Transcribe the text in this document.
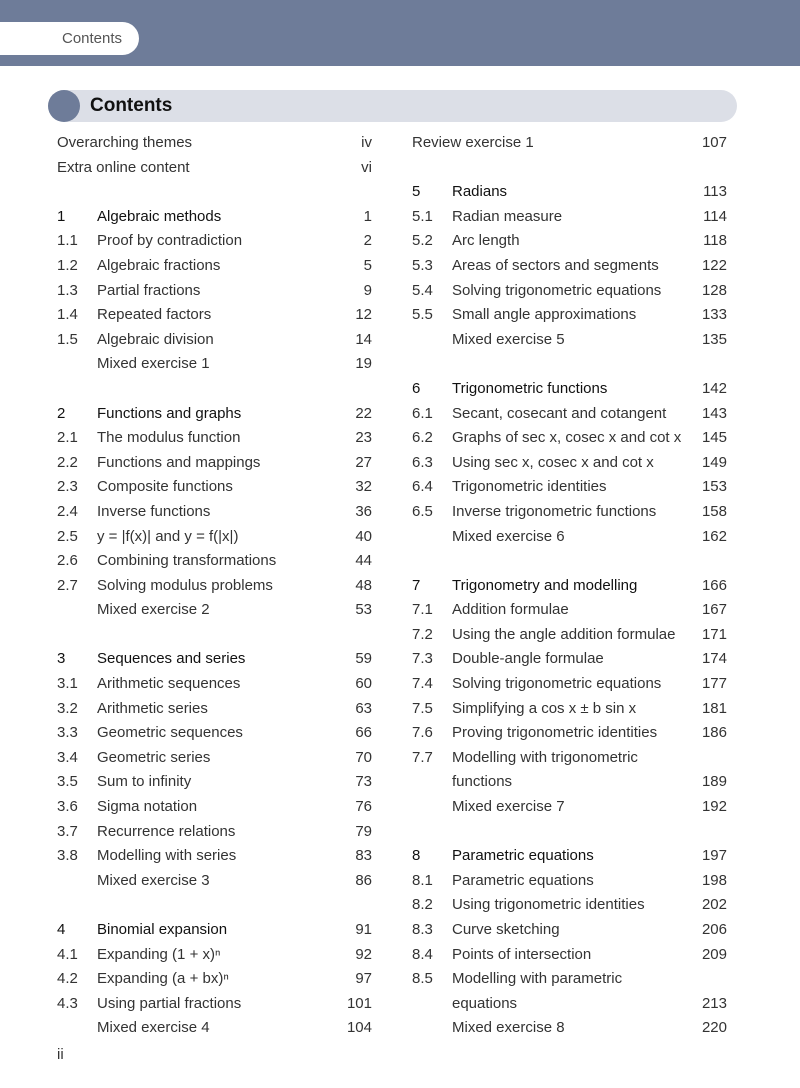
Contents
Contents
Overarching themes	iv
Extra online content	vi
1 Algebraic methods	1
1.1 Proof by contradiction	2
1.2 Algebraic fractions	5
1.3 Partial fractions	9
1.4 Repeated factors	12
1.5 Algebraic division	14
Mixed exercise 1	19
2 Functions and graphs	22
2.1 The modulus function	23
2.2 Functions and mappings	27
2.3 Composite functions	32
2.4 Inverse functions	36
2.5 y = |f(x)| and y = f(|x|)	40
2.6 Combining transformations	44
2.7 Solving modulus problems	48
Mixed exercise 2	53
3 Sequences and series	59
3.1 Arithmetic sequences	60
3.2 Arithmetic series	63
3.3 Geometric sequences	66
3.4 Geometric series	70
3.5 Sum to infinity	73
3.6 Sigma notation	76
3.7 Recurrence relations	79
3.8 Modelling with series	83
Mixed exercise 3	86
4 Binomial expansion	91
4.1 Expanding (1 + x)ⁿ	92
4.2 Expanding (a + bx)ⁿ	97
4.3 Using partial fractions	101
Mixed exercise 4	104
Review exercise 1	107
5 Radians	113
5.1 Radian measure	114
5.2 Arc length	118
5.3 Areas of sectors and segments	122
5.4 Solving trigonometric equations	128
5.5 Small angle approximations	133
Mixed exercise 5	135
6 Trigonometric functions	142
6.1 Secant, cosecant and cotangent	143
6.2 Graphs of sec x, cosec x and cot x	145
6.3 Using sec x, cosec x and cot x	149
6.4 Trigonometric identities	153
6.5 Inverse trigonometric functions	158
Mixed exercise 6	162
7 Trigonometry and modelling	166
7.1 Addition formulae	167
7.2 Using the angle addition formulae	171
7.3 Double-angle formulae	174
7.4 Solving trigonometric equations	177
7.5 Simplifying a cos x ± b sin x	181
7.6 Proving trigonometric identities	186
7.7 Modelling with trigonometric functions	189
Mixed exercise 7	192
8 Parametric equations	197
8.1 Parametric equations	198
8.2 Using trigonometric identities	202
8.3 Curve sketching	206
8.4 Points of intersection	209
8.5 Modelling with parametric equations	213
Mixed exercise 8	220
ii
